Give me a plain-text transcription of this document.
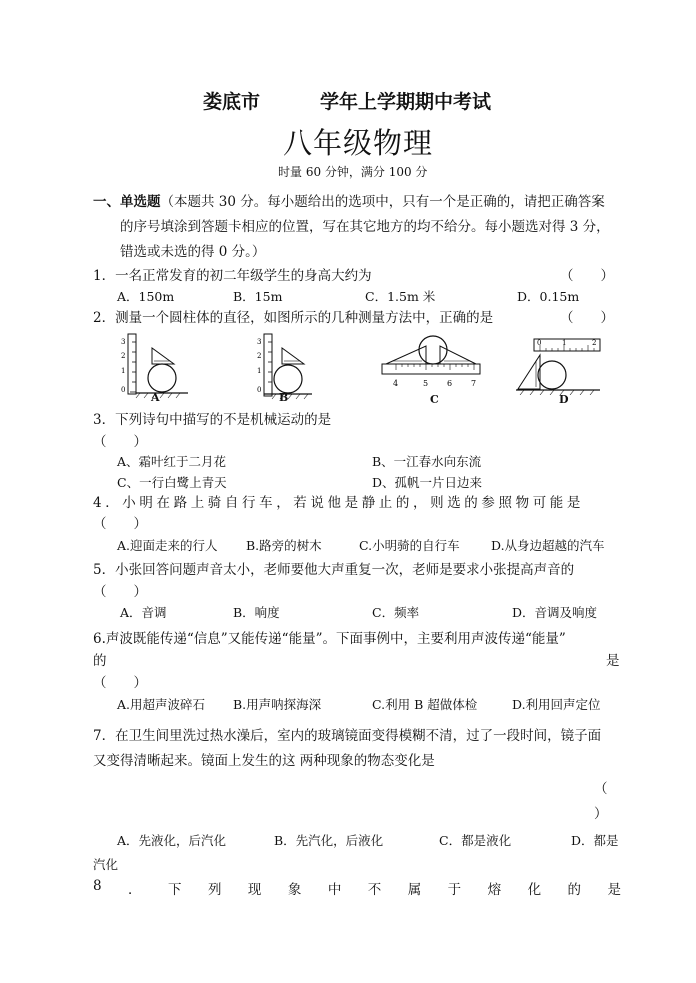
娄底市	学年上学期期中考试
八年级物理
时量 60 分钟，满分 100 分
一、单选题（本题共 30 分。每小题给出的选项中，只有一个是正确的，请把正确答案
的序号填涂到答题卡相应的位置，写在其它地方的均不给分。每小题选对得 3 分，
错选或未选的得 0 分。）
1．一名正常发育的初二年级学生的身高大约为	（　　）
A．150m	B．15m	C．1.5m 米	D．0.15m
2．测量一个圆柱体的直径，如图所示的几种测量方法中，正确的是	（　　）
3
2
1
0
A
3
2
1
0
B
4	5 6 7
C
0	1	2
D
3．下列诗句中描写的不是机械运动的是
（　　）
A、霜叶红于二月花	B、一江春水向东流
C、一行白鹭上青天	D、孤帆一片日边来
4．小明在路上骑自行车，若说他是静止的，则选的参照物可能是
（　　）
A.迎面走来的行人 B.路旁的树木	C.小明骑的自行车	D.从身边超越的汽车
5．小张回答问题声音太小，老师要他大声重复一次，老师是要求小张提高声音的
（　　）
A．音调	B．响度	C．频率	D．音调及响度
6.声波既能传递“信息”又能传递“能量”。下面事例中，主要利用声波传递“能量”
的	是
（　　）
A.用超声波碎石 B.用声呐探海深	C.利用 B 超做体检	D.利用回声定位
7．在卫生间里洗过热水澡后，室内的玻璃镜面变得模糊不清，过了一段时间，镜子面
又变得清晰起来。镜面上发生的这 两种现象的物态变化是
（
）
A．先液化，后汽化	B．先汽化，后液化	C．都是液化	D．都是
汽化
8 ． 下 列 现 象 中 不 属 于 熔 化 的 是
